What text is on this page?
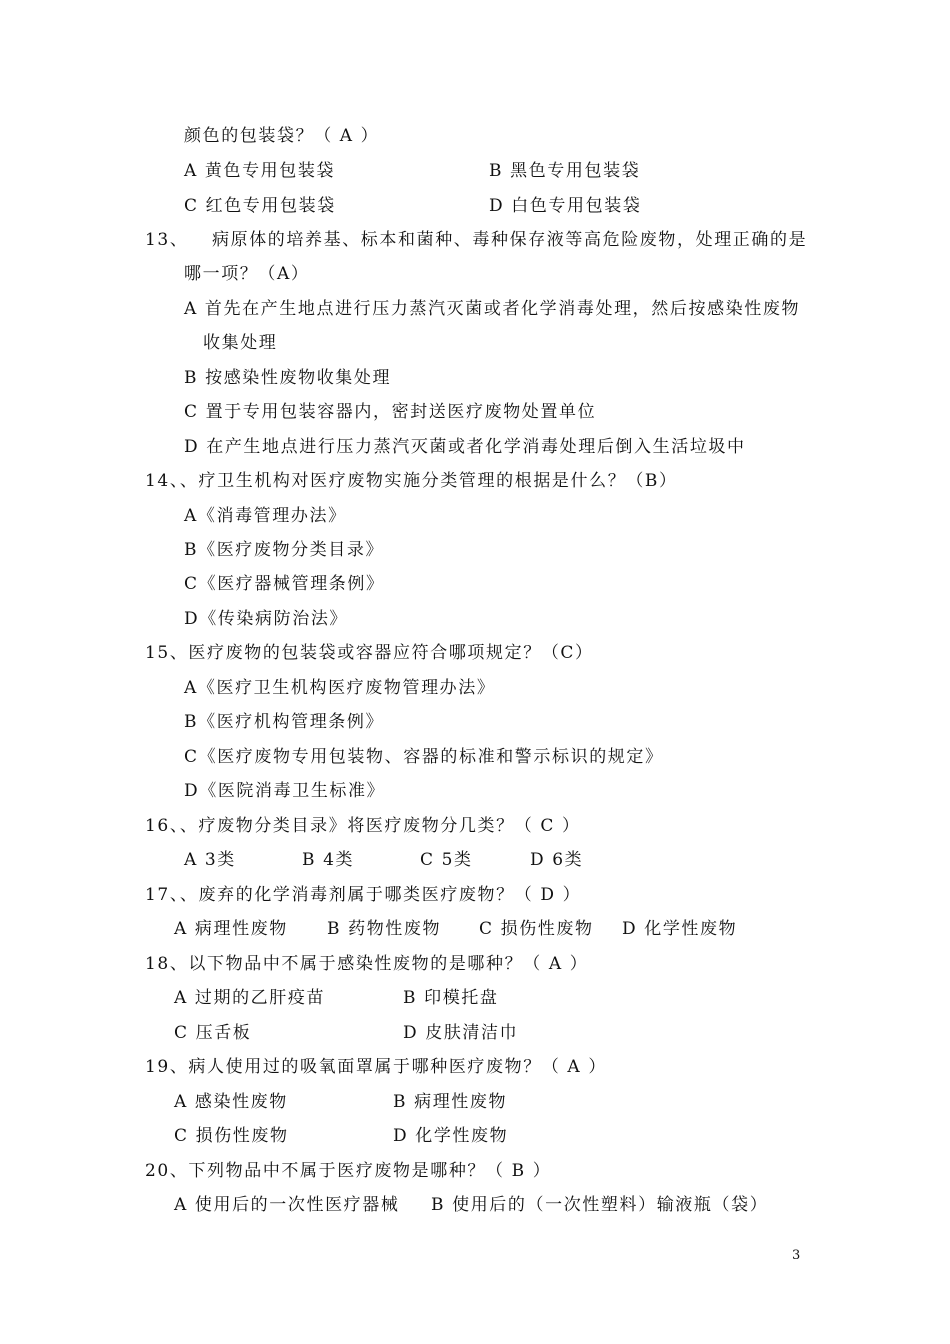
颜色的包装袋？（ A ）
A 黄色专用包装袋	B 黑色专用包装袋
C 红色专用包装袋	D 白色专用包装袋
13、 病原体的培养基、标本和菌种、毒种保存液等高危险废物，处理正确的是
哪一项？（A）
A 首先在产生地点进行压力蒸汽灭菌或者化学消毒处理，然后按感染性废物
收集处理
B 按感染性废物收集处理
C 置于专用包装容器内，密封送医疗废物处置单位
D 在产生地点进行压力蒸汽灭菌或者化学消毒处理后倒入生活垃圾中
14、、疗卫生机构对医疗废物实施分类管理的根据是什么？（B）
A《消毒管理办法》
B《医疗废物分类目录》
C《医疗器械管理条例》
D《传染病防治法》
15、医疗废物的包装袋或容器应符合哪项规定？（C）
A《医疗卫生机构医疗废物管理办法》
B《医疗机构管理条例》
C《医疗废物专用包装物、容器的标准和警示标识的规定》
D《医院消毒卫生标准》
16、、疗废物分类目录》将医疗废物分几类？（ C ）
A 3类	B 4类	C 5类	D 6类
17、、废弃的化学消毒剂属于哪类医疗废物？（ D ）
A 病理性废物 B 药物性废物 C 损伤性废物 D 化学性废物
18、以下物品中不属于感染性废物的是哪种？（ A ）
A 过期的乙肝疫苗	B 印模托盘
C 压舌板	D 皮肤清洁巾
19、病人使用过的吸氧面罩属于哪种医疗废物？（ A ）
A 感染性废物	B 病理性废物
C 损伤性废物	D 化学性废物
20、下列物品中不属于医疗废物是哪种？（ B ）
A 使用后的一次性医疗器械 B 使用后的（一次性塑料）输液瓶（袋）
3
